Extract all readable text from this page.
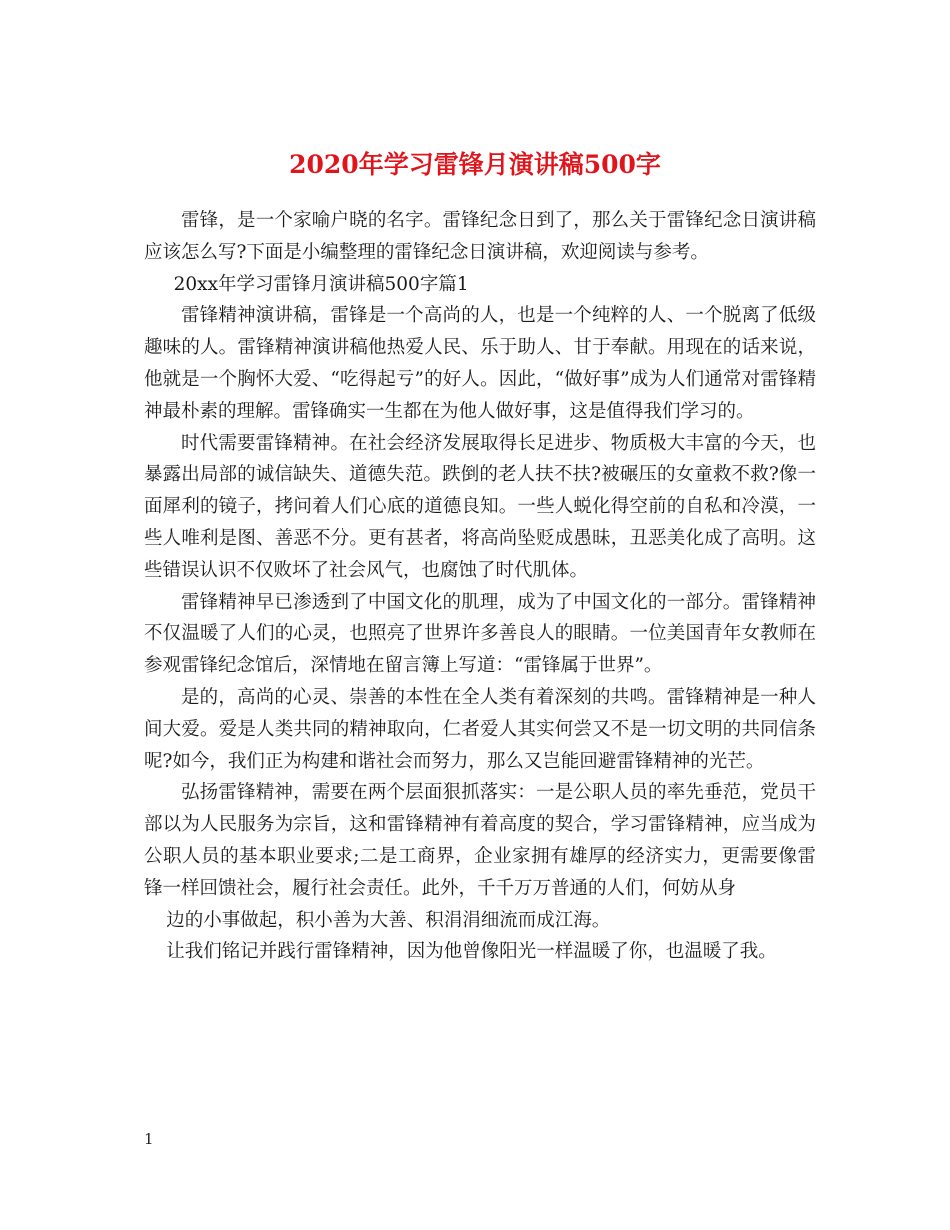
2020年学习雷锋月演讲稿500字

雷锋，是一个家喻户晓的名字。雷锋纪念日到了，那么关于雷锋纪念日演讲稿应该怎么写?下面是小编整理的雷锋纪念日演讲稿，欢迎阅读与参考。

20xx年学习雷锋月演讲稿500字篇1

雷锋精神演讲稿，雷锋是一个高尚的人，也是一个纯粹的人、一个脱离了低级趣味的人。雷锋精神演讲稿他热爱人民、乐于助人、甘于奉献。用现在的话来说，他就是一个胸怀大爱、“吃得起亏”的好人。因此，“做好事”成为人们通常对雷锋精神最朴素的理解。雷锋确实一生都在为他人做好事，这是值得我们学习的。

时代需要雷锋精神。在社会经济发展取得长足进步、物质极大丰富的今天，也暴露出局部的诚信缺失、道德失范。跌倒的老人扶不扶?被碾压的女童救不救?像一面犀利的镜子，拷问着人们心底的道德良知。一些人蜕化得空前的自私和冷漠，一些人唯利是图、善恶不分。更有甚者，将高尚坠贬成愚昧，丑恶美化成了高明。这些错误认识不仅败坏了社会风气，也腐蚀了时代肌体。

雷锋精神早已渗透到了中国文化的肌理，成为了中国文化的一部分。雷锋精神不仅温暖了人们的心灵，也照亮了世界许多善良人的眼睛。一位美国青年女教师在参观雷锋纪念馆后，深情地在留言簿上写道：“雷锋属于世界”。

是的，高尚的心灵、崇善的本性在全人类有着深刻的共鸣。雷锋精神是一种人间大爱。爱是人类共同的精神取向，仁者爱人其实何尝又不是一切文明的共同信条呢?如今，我们正为构建和谐社会而努力，那么又岂能回避雷锋精神的光芒。

弘扬雷锋精神，需要在两个层面狠抓落实：一是公职人员的率先垂范，党员干部以为人民服务为宗旨，这和雷锋精神有着高度的契合，学习雷锋精神，应当成为公职人员的基本职业要求;二是工商界，企业家拥有雄厚的经济实力，更需要像雷锋一样回馈社会，履行社会责任。此外，千千万万普通的人们，何妨从身

边的小事做起，积小善为大善、积涓涓细流而成江海。

让我们铭记并践行雷锋精神，因为他曾像阳光一样温暖了你，也温暖了我。

1
